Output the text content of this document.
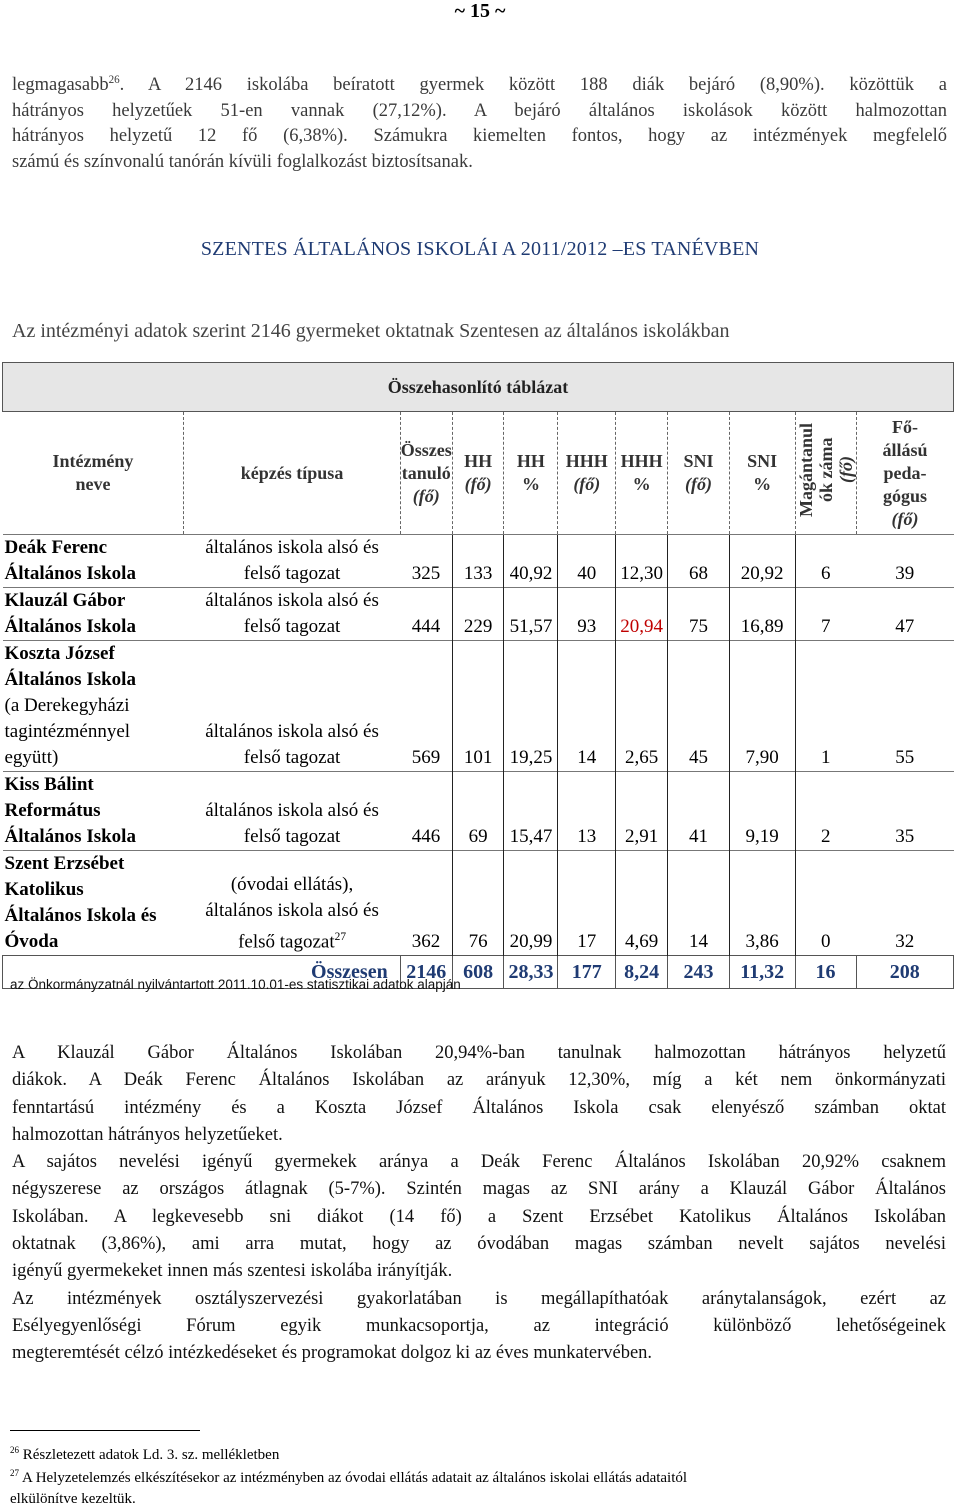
~ 15 ~
legmagasabb$^{26}$. A 2146 iskolába beíratott gyermek között 188 diák bejáró (8,90%). közöttük a
hátrányos helyzetűek 51-en vannak (27,12%). A bejáró általános iskolások között halmozottan
hátrányos helyzetű 12 fő (6,38%). Számukra kiemelten fontos, hogy az intézmények megfelelő
számú és színvonalú tanórán kívüli foglalkozást biztosítsanak.
SZENTES ÁLTALÁNOS ISKOLÁI A 2011/2012 –ES TANÉVBEN
Az intézményi adatok szerint 2146 gyermeket oktatnak Szentesen az általános iskolákban
Összehasonlító táblázat										
Intézmény
neve	képzés típusa	Összes
tanuló
(fő)	HH
(fő)	HH
%	HHH
(fő)	HHH
%	SNI
(fő)	SNI
%	Magántanul
ók záma
(fő)	Fő-
állású
peda-
gógus
(fő)
Deák Ferenc
Általános Iskola	általános iskola alsó és
felső tagozat	325	133	40,92	40	12,30	68	20,92	6	39
Klauzál Gábor
Általános Iskola	általános iskola alsó és
felső tagozat	444	229	51,57	93	20,94	75	16,89	7	47
Koszta József
Általános Iskola
(a Derekegyházi
tagintézménnyel
együtt)	általános iskola alsó és
felső tagozat	569	101	19,25	14	2,65	45	7,90	1	55
Kiss Bálint
Református
Általános Iskola	általános iskola alsó és
felső tagozat	446	69	15,47	13	2,91	41	9,19	2	35
Szent Erzsébet
Katolikus
Általános Iskola és
Óvoda	(óvodai ellátás),
általános iskola alsó és
felső tagozat$^{27}$	362	76	20,99	17	4,69	14	3,86	0	32
Összesen		2146	608	28,33	177	8,24	243	11,32	16	208
az Önkormányzatnál nyilvántartott 2011.10.01-es statisztikai adatok alapján
A Klauzál Gábor Általános Iskolában 20,94%-ban tanulnak halmozottan hátrányos helyzetű
diákok. A Deák Ferenc Általános Iskolában az arányuk 12,30%, míg a két nem önkormányzati
fenntartású intézmény és a Koszta József Általános Iskola csak elenyésző számban oktat
halmozottan hátrányos helyzetűeket.
A sajátos nevelési igényű gyermekek aránya a Deák Ferenc Általános Iskolában 20,92% csaknem
négyszerese az országos átlagnak (5-7%). Szintén magas az SNI arány a Klauzál Gábor Általános
Iskolában. A legkevesebb sni diákot (14 fő) a Szent Erzsébet Katolikus Általános Iskolában
oktatnak (3,86%), ami arra mutat, hogy az óvodában magas számban nevelt sajátos nevelési
igényű gyermekeket innen más szentesi iskolába irányítják.
Az intézmények osztályszervezési gyakorlatában is megállapíthatóak aránytalanságok, ezért az
Esélyegyenlőségi Fórum egyik munkacsoportja, az integráció különböző lehetőségeinek
megteremtését célzó intézkedéseket és programokat dolgoz ki az éves munkatervében.
$^{26}$ Részletezett adatok Ld. 3. sz. mellékletben
$^{27}$ A Helyzetelemzés elkészítésekor az intézményben az óvodai ellátás adatait az általános iskolai ellátás adataitól
elkülönítve kezeltük.
